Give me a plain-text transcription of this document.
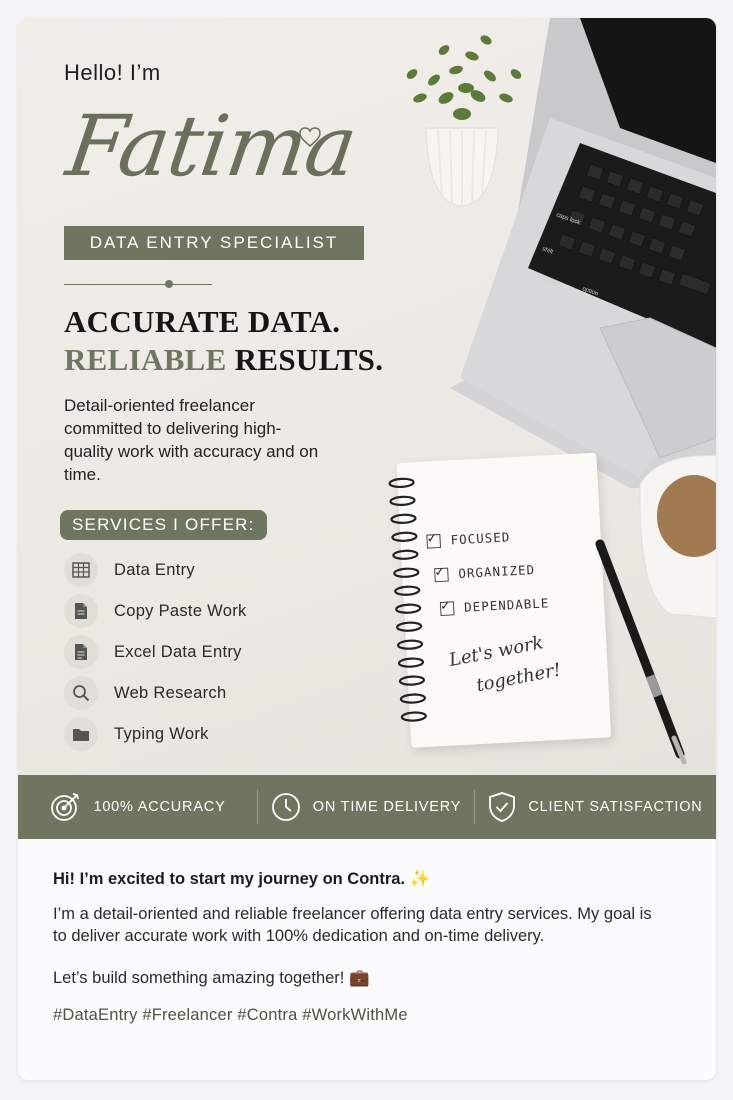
caps lock
shift
control
option
✓
FOCUSED
✓
ORGANIZED
✓
DEPENDABLE
Let's work
together!
Hello! I’m
Fatima
DATA ENTRY SPECIALIST
ACCURATE DATA.
RELIABLE RESULTS.
Detail-oriented freelancer committed to delivering high-quality work with accuracy and on time.
SERVICES I OFFER:
Data Entry
Copy Paste Work
Excel Data Entry
Web Research
Typing Work
100% ACCURACY	ON TIME DELIVERY	CLIENT SATISFACTION
Hi! I’m excited to start my journey on Contra. ✨
I’m a detail-oriented and reliable freelancer offering data entry services. My goal is to deliver accurate work with 100% dedication and on-time delivery.
Let’s build something amazing together! 💼
#DataEntry #Freelancer #Contra #WorkWithMe
